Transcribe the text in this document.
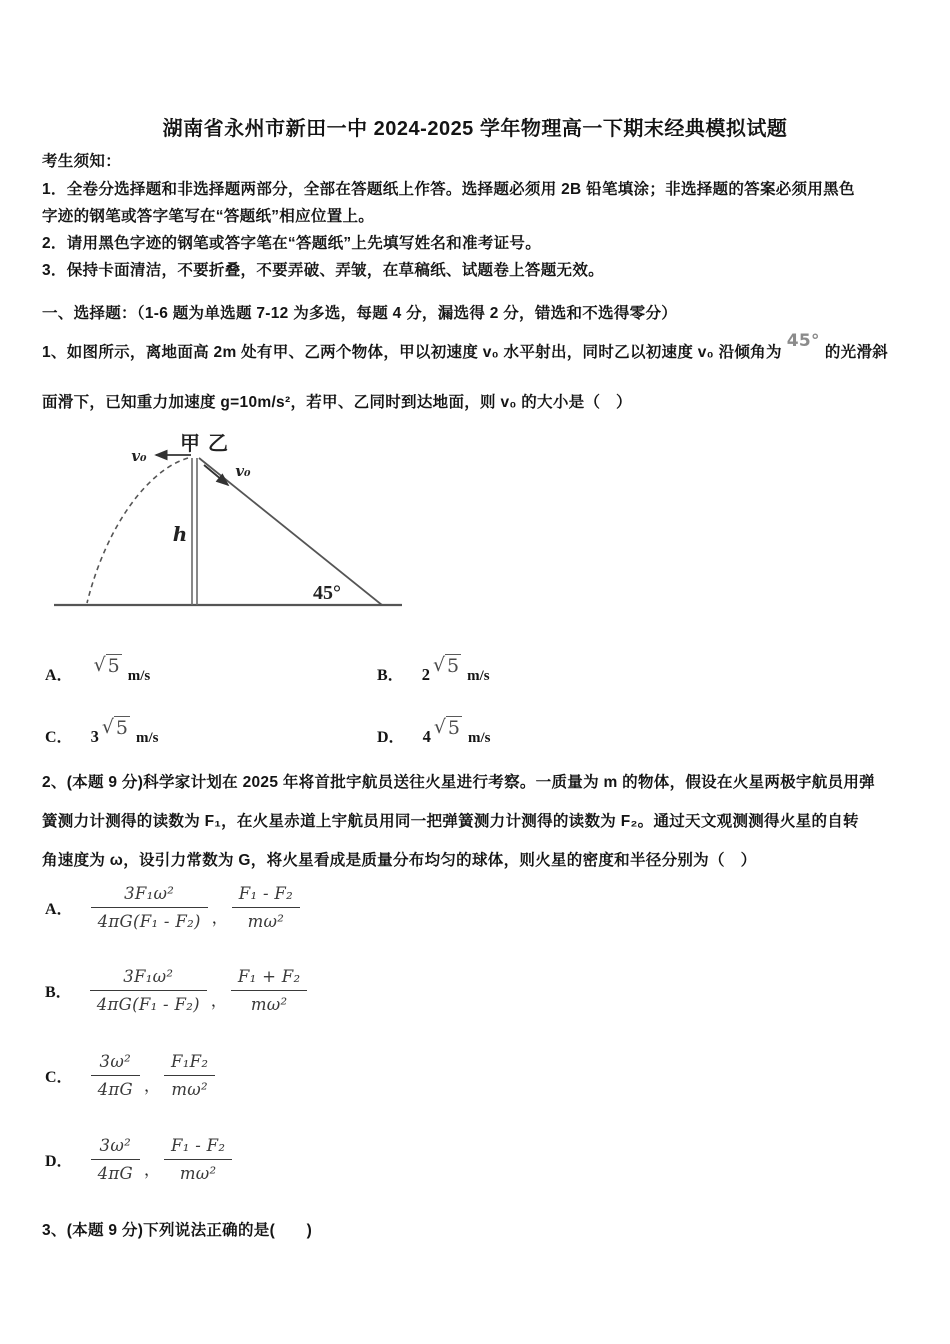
湖南省永州市新田一中 2024-2025 学年物理高一下期末经典模拟试题
考生须知：
1．全卷分选择题和非选择题两部分，全部在答题纸上作答。选择题必须用 2B 铅笔填涂；非选择题的答案必须用黑色
字迹的钢笔或答字笔写在“答题纸”相应位置上。
2．请用黑色字迹的钢笔或答字笔在“答题纸”上先填写姓名和准考证号。
3．保持卡面清洁，不要折叠，不要弄破、弄皱，在草稿纸、试题卷上答题无效。
一、选择题：（1-6 题为单选题 7-12 为多选，每题 4 分，漏选得 2 分，错选和不选得零分）
1、如图所示，离地面高 2m 处有甲、乙两个物体，甲以初速度 v₀ 水平射出，同时乙以初速度 v₀ 沿倾角为45°的光滑斜
面滑下，已知重力加速度 g=10m/s²，若甲、乙同时到达地面，则 v₀ 的大小是（　）
甲 乙
v₀
v₀
h
45°
A． √ 5 m/s	B． 2 √ 5 m/s
C． 3 √ 5 m/s	D． 4 √ 5 m/s
2、(本题 9 分)科学家计划在 2025 年将首批宇航员送往火星进行考察。一质量为 m 的物体，假设在火星两极宇航员用弹
簧测力计测得的读数为 F₁，在火星赤道上宇航员用同一把弹簧测力计测得的读数为 F₂。通过天文观测测得火星的自转
角速度为 ω，设引力常数为 G，将火星看成是质量分布均匀的球体，则火星的密度和半径分别为（　）
A． $\frac{\text{3F₁ω²}}{\text{4πG(F₁ - F₂)}}$ ， $\frac{\text{F₁ - F₂}}{\text{mω²}}$
B． $\frac{\text{3F₁ω²}}{\text{4πG(F₁ - F₂)}}$ ， $\frac{\text{F₁ + F₂}}{\text{mω²}}$
C． $\frac{\text{3ω²}}{4\pi G}$ ， $\frac{\text{F₁F₂}}{\text{mω²}}$
D． $\frac{\text{3ω²}}{4\pi G}$ ， $\frac{\text{F₁ - F₂}}{\text{mω²}}$
3、(本题 9 分)下列说法正确的是(　　)
